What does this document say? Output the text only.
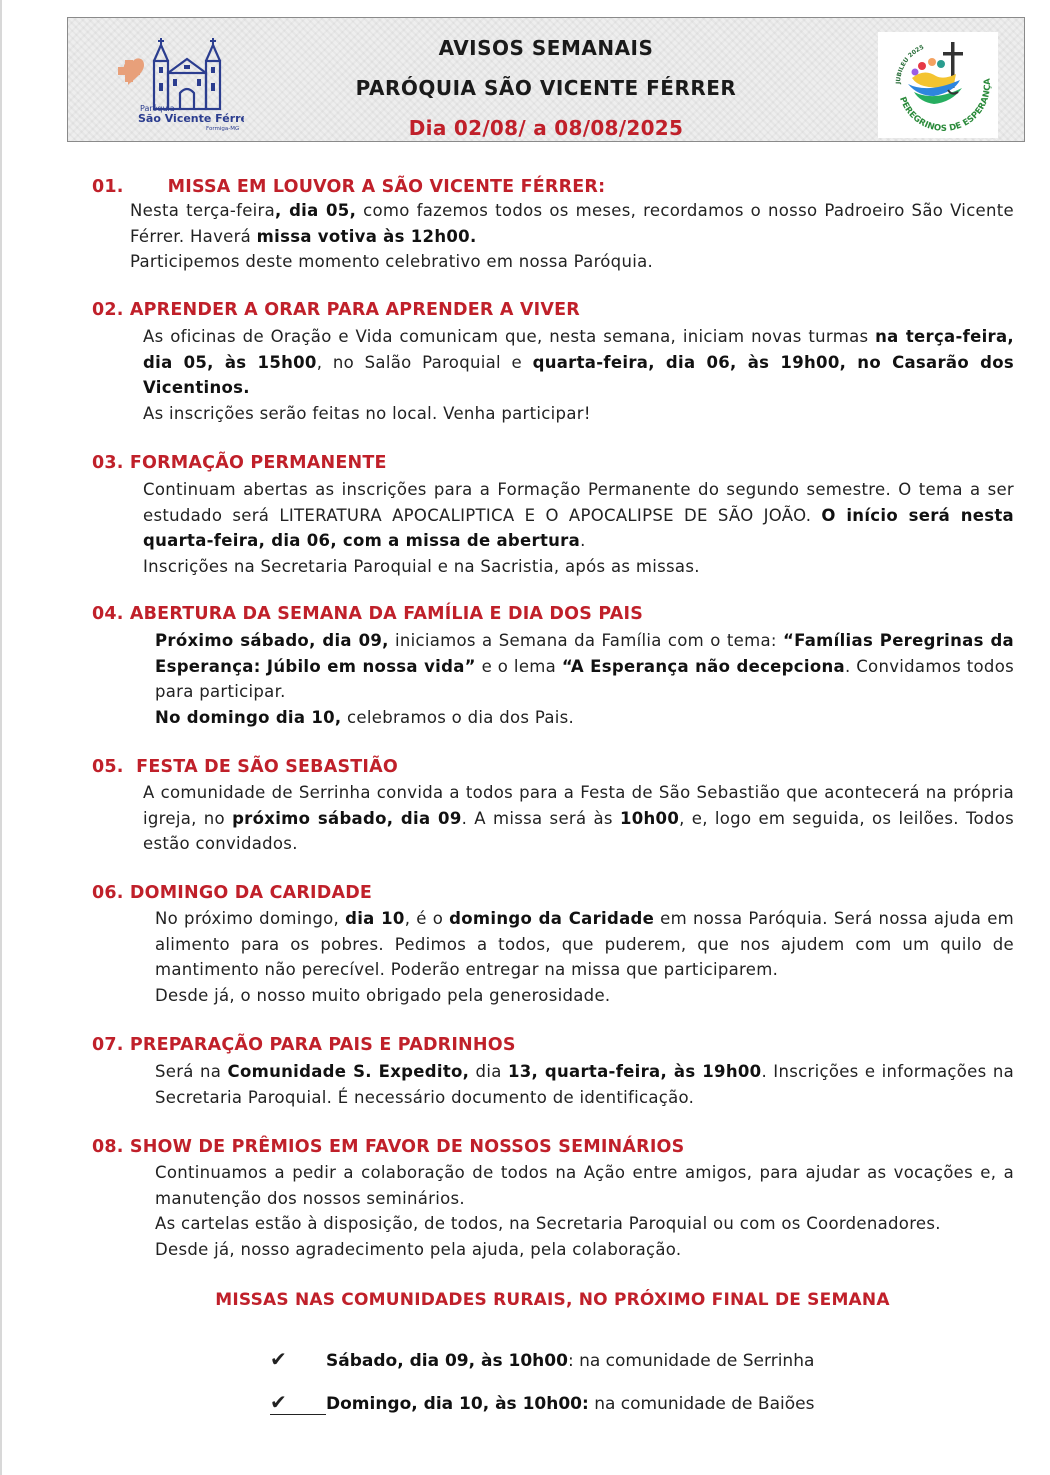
Paróquia
São Vicente Férrer
Formiga-MG
AVISOS SEMANAIS
PARÓQUIA SÃO VICENTE FÉRRER
Dia 02/08/ a 08/08/2025
JUBILEU 2025
PEREGRINOS DE ESPERANÇA
01.       MISSA EM LOUVOR A SÃO VICENTE FÉRRER:

Nesta terça-feira, dia 05, como fazemos todos os meses, recordamos o nosso Padroeiro São Vicente Férrer. Haverá missa votiva às 12h00.

Participemos deste momento celebrativo em nossa Paróquia.

02. APRENDER A ORAR PARA APRENDER A VIVER

As oficinas de Oração e Vida comunicam que, nesta semana, iniciam novas turmas na terça-feira, dia 05, às 15h00, no Salão Paroquial e quarta-feira, dia 06, às 19h00, no Casarão dos Vicentinos.

As inscrições serão feitas no local. Venha participar!

03. FORMAÇÃO PERMANENTE

Continuam abertas as inscrições para a Formação Permanente do segundo semestre. O tema a ser estudado será LITERATURA APOCALIPTICA E O APOCALIPSE DE SÃO JOÃO. O início será nesta quarta-feira, dia 06, com a missa de abertura.

Inscrições na Secretaria Paroquial e na Sacristia, após as missas.

04. ABERTURA DA SEMANA DA FAMÍLIA E DIA DOS PAIS

Próximo sábado, dia 09, iniciamos a Semana da Família com o tema: “Famílias Peregrinas da Esperança: Júbilo em nossa vida” e o lema “A Esperança não decepciona. Convidamos todos para participar.

No domingo dia 10, celebramos o dia dos Pais.

05.  FESTA DE SÃO SEBASTIÃO

A comunidade de Serrinha convida a todos para a Festa de São Sebastião que acontecerá na própria igreja, no próximo sábado, dia 09. A missa será às 10h00, e, logo em seguida, os leilões. Todos estão convidados.

06. DOMINGO DA CARIDADE

No próximo domingo, dia 10, é o domingo da Caridade em nossa Paróquia. Será nossa ajuda em alimento para os pobres. Pedimos a todos, que puderem, que nos ajudem com um quilo de mantimento não perecível. Poderão entregar na missa que participarem.

Desde já, o nosso muito obrigado pela generosidade.

07. PREPARAÇÃO PARA PAIS E PADRINHOS

Será na Comunidade S. Expedito, dia 13, quarta-feira, às 19h00. Inscrições e informações na Secretaria Paroquial. É necessário documento de identificação.

08. SHOW DE PRÊMIOS EM FAVOR DE NOSSOS SEMINÁRIOS

Continuamos a pedir a colaboração de todos na Ação entre amigos, para ajudar as vocações e, a manutenção dos nossos seminários.

As cartelas estão à disposição, de todos, na Secretaria Paroquial ou com os Coordenadores.

Desde já, nosso agradecimento pela ajuda, pela colaboração.

MISSAS NAS COMUNIDADES RURAIS, NO PRÓXIMO FINAL DE SEMANA
✔ Sábado, dia 09, às 10h00: na comunidade de Serrinha
✔ Domingo, dia 10, às 10h00: na comunidade de Baiões
